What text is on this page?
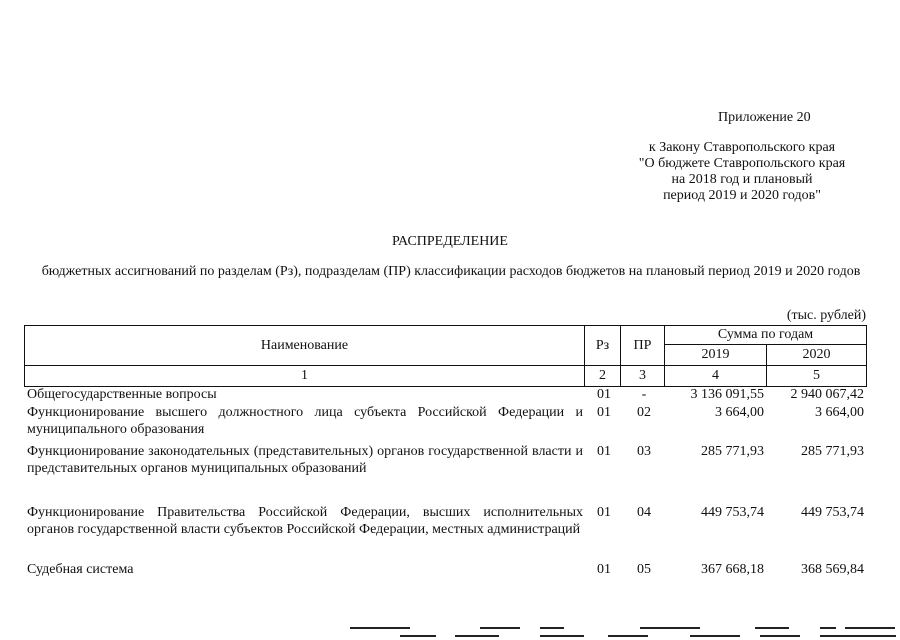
Приложение 20
к Закону Ставропольского края
"О бюджете Ставропольского края
на 2018 год и плановый
период 2019 и 2020 годов"
РАСПРЕДЕЛЕНИЕ
бюджетных ассигнований по разделам (Рз), подразделам (ПР) классификации расходов бюджетов на плановый период 2019 и 2020 годов
(тыс. рублей)
Наименование	Рз	ПР	Сумма по годам	
			2019	2020
1	2	3	4	5
Общегосударственные вопросы	01	-	3 136 091,55	2 940 067,42
Функционирование высшего должностного лица субъекта Российской Федерации и муниципального образования
01	02	3 664,00	3 664,00
Функционирование законодательных (представительных) органов государственной власти и представительных органов муниципальных образований
01	03	285 771,93	285 771,93
Функционирование Правительства Российской Федерации, высших исполнительных органов государственной власти субъектов Российской Федерации, местных администраций
01	04	449 753,74	449 753,74
Судебная система	01	05	367 668,18	368 569,84
